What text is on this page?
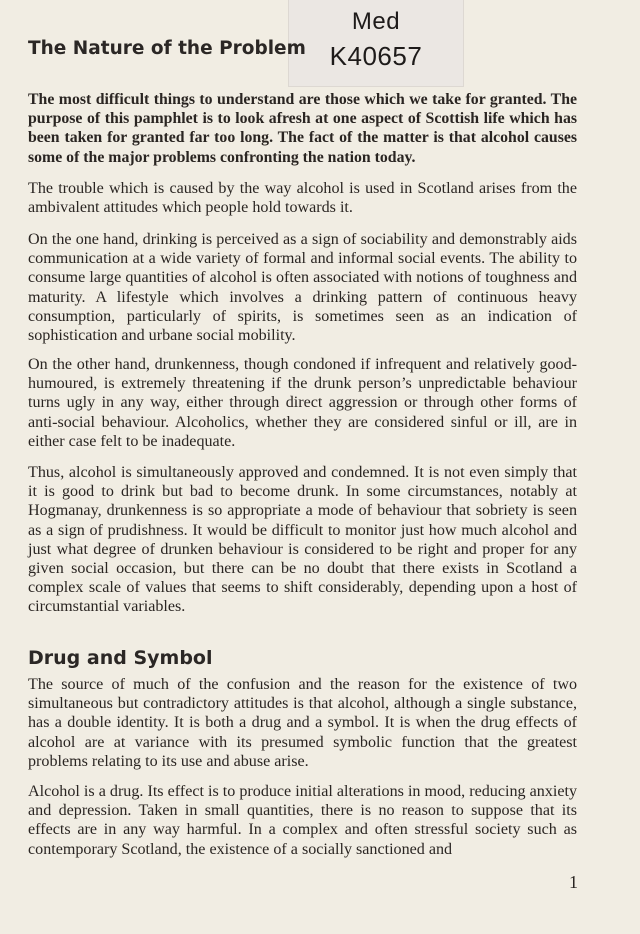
Med
K40657
The Nature of the Problem

The most difficult things to understand are those which we take for granted. The purpose of this pamphlet is to look afresh at one aspect of Scottish life which has been taken for granted far too long. The fact of the matter is that alcohol causes some of the major problems confronting the nation today.

The trouble which is caused by the way alcohol is used in Scotland arises from the ambivalent attitudes which people hold towards it.

On the one hand, drinking is perceived as a sign of sociability and demonstrably aids communication at a wide variety of formal and informal social events. The ability to consume large quantities of alcohol is often associated with notions of toughness and maturity. A lifestyle which involves a drinking pattern of continuous heavy consumption, particularly of spirits, is sometimes seen as an indication of sophistication and urbane social mobility.

On the other hand, drunkenness, though condoned if infrequent and relatively good-humoured, is extremely threatening if the drunk person’s unpredictable behaviour turns ugly in any way, either through direct aggression or through other forms of anti-social behaviour. Alcoholics, whether they are considered sinful or ill, are in either case felt to be inadequate.

Thus, alcohol is simultaneously approved and condemned. It is not even simply that it is good to drink but bad to become drunk. In some circumstances, notably at Hogmanay, drunkenness is so appropriate a mode of behaviour that sobriety is seen as a sign of prudishness. It would be difficult to monitor just how much alcohol and just what degree of drunken behaviour is considered to be right and proper for any given social occasion, but there can be no doubt that there exists in Scotland a complex scale of values that seems to shift considerably, depending upon a host of circumstantial variables.

Drug and Symbol

The source of much of the confusion and the reason for the existence of two simultaneous but contradictory attitudes is that alcohol, although a single substance, has a double identity. It is both a drug and a symbol. It is when the drug effects of alcohol are at variance with its presumed symbolic function that the greatest problems relating to its use and abuse arise.

Alcohol is a drug. Its effect is to produce initial alterations in mood, reducing anxiety and depression. Taken in small quantities, there is no reason to suppose that its effects are in any way harmful. In a complex and often stressful society such as contemporary Scotland, the existence of a socially sanctioned and

1
